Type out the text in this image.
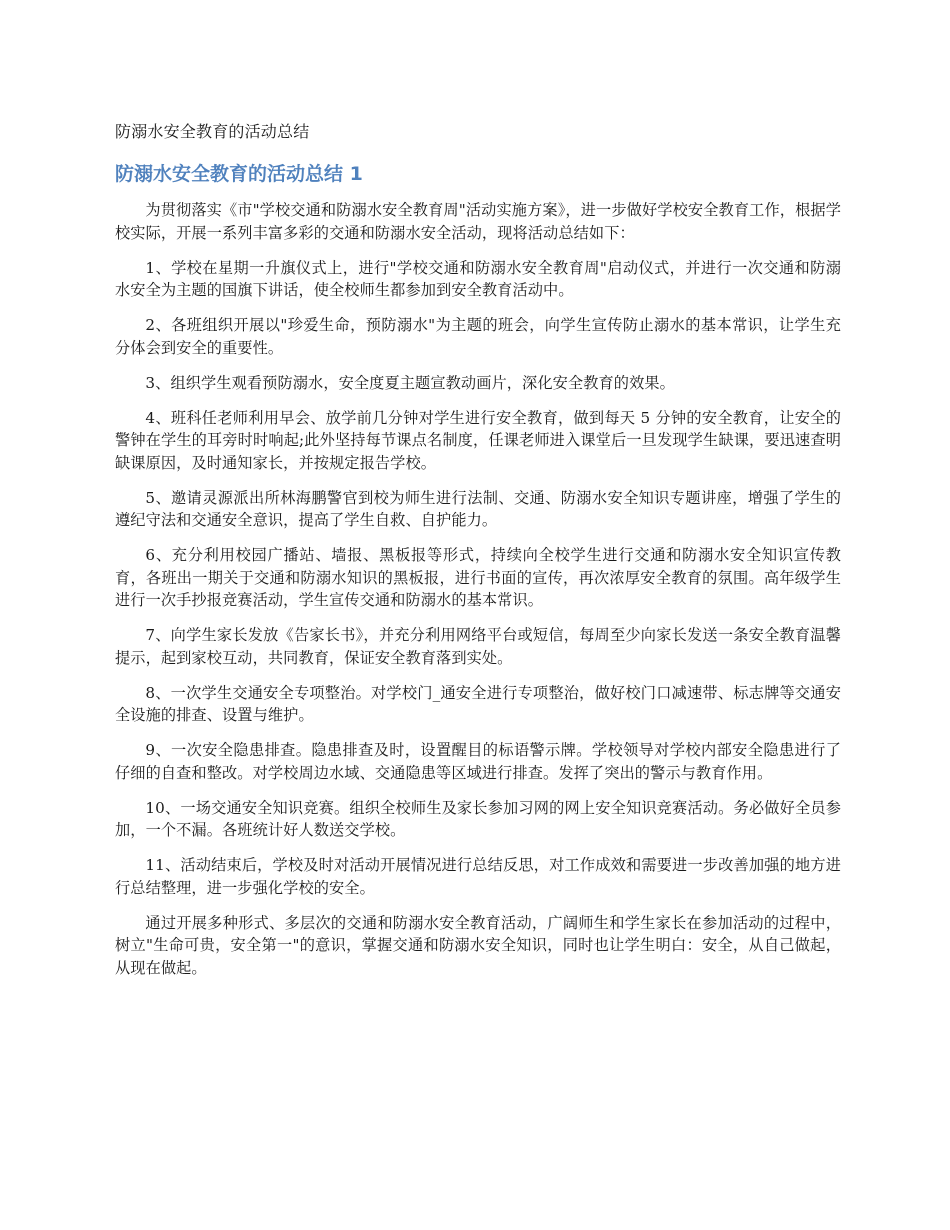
防溺水安全教育的活动总结
防溺水安全教育的活动总结 1

为贯彻落实《市"学校交通和防溺水安全教育周"活动实施方案》，进一步做好学校安全教育工作，根据学校实际，开展一系列丰富多彩的交通和防溺水安全活动，现将活动总结如下：

1、学校在星期一升旗仪式上，进行"学校交通和防溺水安全教育周"启动仪式，并进行一次交通和防溺水安全为主题的国旗下讲话，使全校师生都参加到安全教育活动中。

2、各班组织开展以"珍爱生命，预防溺水"为主题的班会，向学生宣传防止溺水的基本常识，让学生充分体会到安全的重要性。

3、组织学生观看预防溺水，安全度夏主题宣教动画片，深化安全教育的效果。

4、班科任老师利用早会、放学前几分钟对学生进行安全教育，做到每天 5 分钟的安全教育，让安全的警钟在学生的耳旁时时响起;此外坚持每节课点名制度，任课老师进入课堂后一旦发现学生缺课，要迅速查明缺课原因，及时通知家长，并按规定报告学校。

5、邀请灵源派出所林海鹏警官到校为师生进行法制、交通、防溺水安全知识专题讲座，增强了学生的遵纪守法和交通安全意识，提高了学生自救、自护能力。

6、充分利用校园广播站、墙报、黑板报等形式，持续向全校学生进行交通和防溺水安全知识宣传教育，各班出一期关于交通和防溺水知识的黑板报，进行书面的宣传，再次浓厚安全教育的氛围。高年级学生进行一次手抄报竞赛活动，学生宣传交通和防溺水的基本常识。

7、向学生家长发放《告家长书》，并充分利用网络平台或短信，每周至少向家长发送一条安全教育温馨提示，起到家校互动，共同教育，保证安全教育落到实处。

8、一次学生交通安全专项整治。对学校门_通安全进行专项整治，做好校门口减速带、标志牌等交通安全设施的排查、设置与维护。

9、一次安全隐患排查。隐患排查及时，设置醒目的标语警示牌。学校领导对学校内部安全隐患进行了仔细的自查和整改。对学校周边水域、交通隐患等区域进行排查。发挥了突出的警示与教育作用。

10、一场交通安全知识竞赛。组织全校师生及家长参加习网的网上安全知识竞赛活动。务必做好全员参加，一个不漏。各班统计好人数送交学校。

11、活动结束后，学校及时对活动开展情况进行总结反思，对工作成效和需要进一步改善加强的地方进行总结整理，进一步强化学校的安全。

通过开展多种形式、多层次的交通和防溺水安全教育活动，广阔师生和学生家长在参加活动的过程中，树立"生命可贵，安全第一"的意识，掌握交通和防溺水安全知识，同时也让学生明白：安全，从自己做起，从现在做起。
